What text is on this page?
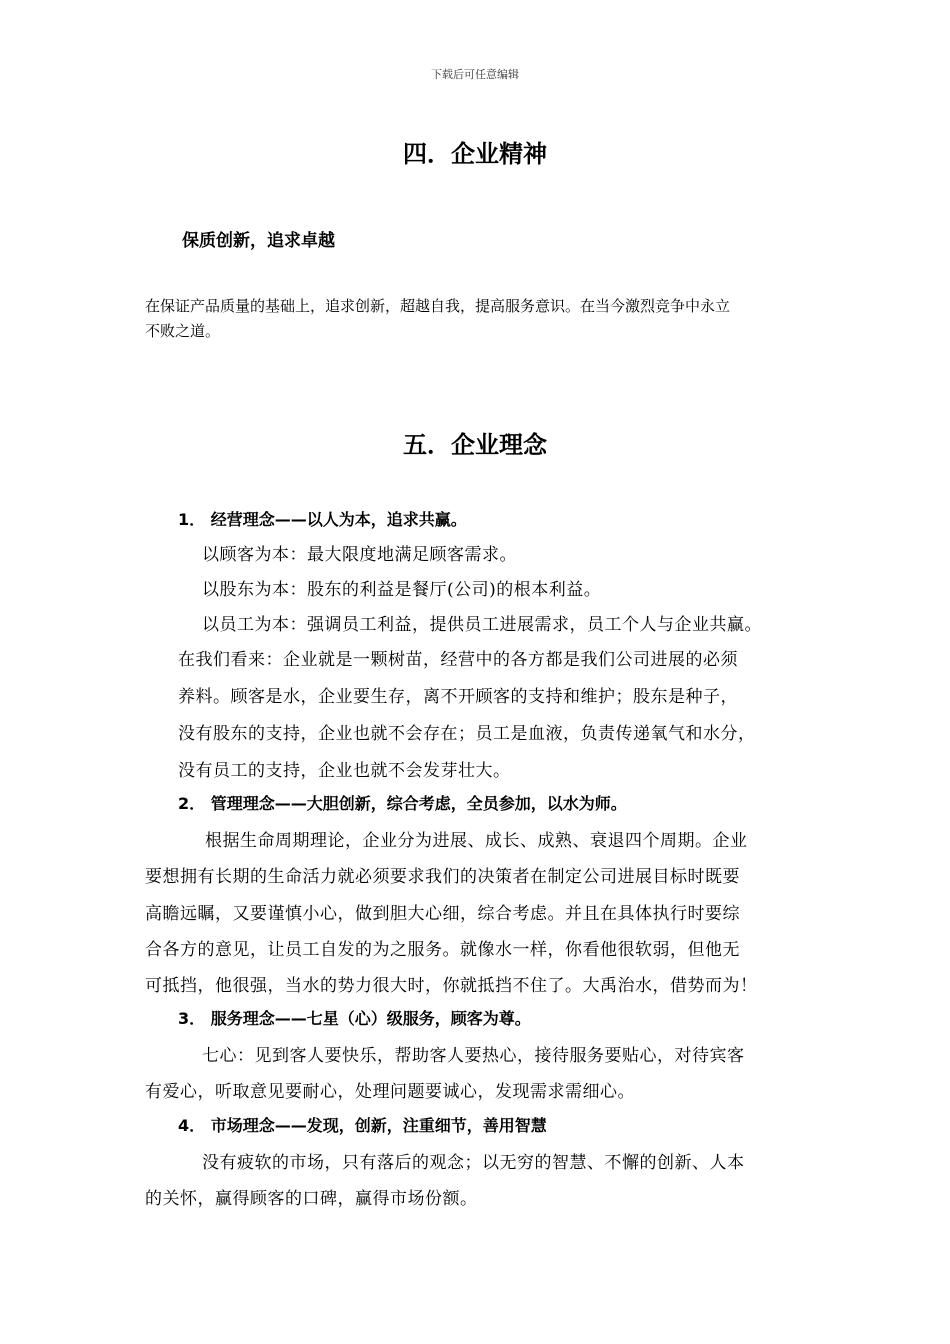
下载后可任意编辑
四．企业精神
保质创新，追求卓越
在保证产品质量的基础上，追求创新，超越自我，提高服务意识。在当今激烈竞争中永立
不败之道。
五．企业理念
1． 经营理念——以人为本，追求共赢。
以顾客为本：最大限度地满足顾客需求。
以股东为本：股东的利益是餐厅(公司)的根本利益。
以员工为本：强调员工利益，提供员工进展需求，员工个人与企业共赢。
在我们看来：企业就是一颗树苗，经营中的各方都是我们公司进展的必须
养料。顾客是水，企业要生存，离不开顾客的支持和维护；股东是种子，
没有股东的支持，企业也就不会存在；员工是血液，负责传递氧气和水分，
没有员工的支持，企业也就不会发芽壮大。
2． 管理理念——大胆创新，综合考虑，全员参加，以水为师。
根据生命周期理论，企业分为进展、成长、成熟、衰退四个周期。企业
要想拥有长期的生命活力就必须要求我们的决策者在制定公司进展目标时既要
高瞻远瞩，又要谨慎小心，做到胆大心细，综合考虑。并且在具体执行时要综
合各方的意见，让员工自发的为之服务。就像水一样，你看他很软弱，但他无
可抵挡，他很强，当水的势力很大时，你就抵挡不住了。大禹治水，借势而为！
3． 服务理念——七星（心）级服务，顾客为尊。
七心：见到客人要快乐，帮助客人要热心，接待服务要贴心，对待宾客
有爱心，听取意见要耐心，处理问题要诚心，发现需求需细心。
4． 市场理念——发现，创新，注重细节，善用智慧
没有疲软的市场，只有落后的观念；以无穷的智慧、不懈的创新、人本
的关怀，赢得顾客的口碑，赢得市场份额。
